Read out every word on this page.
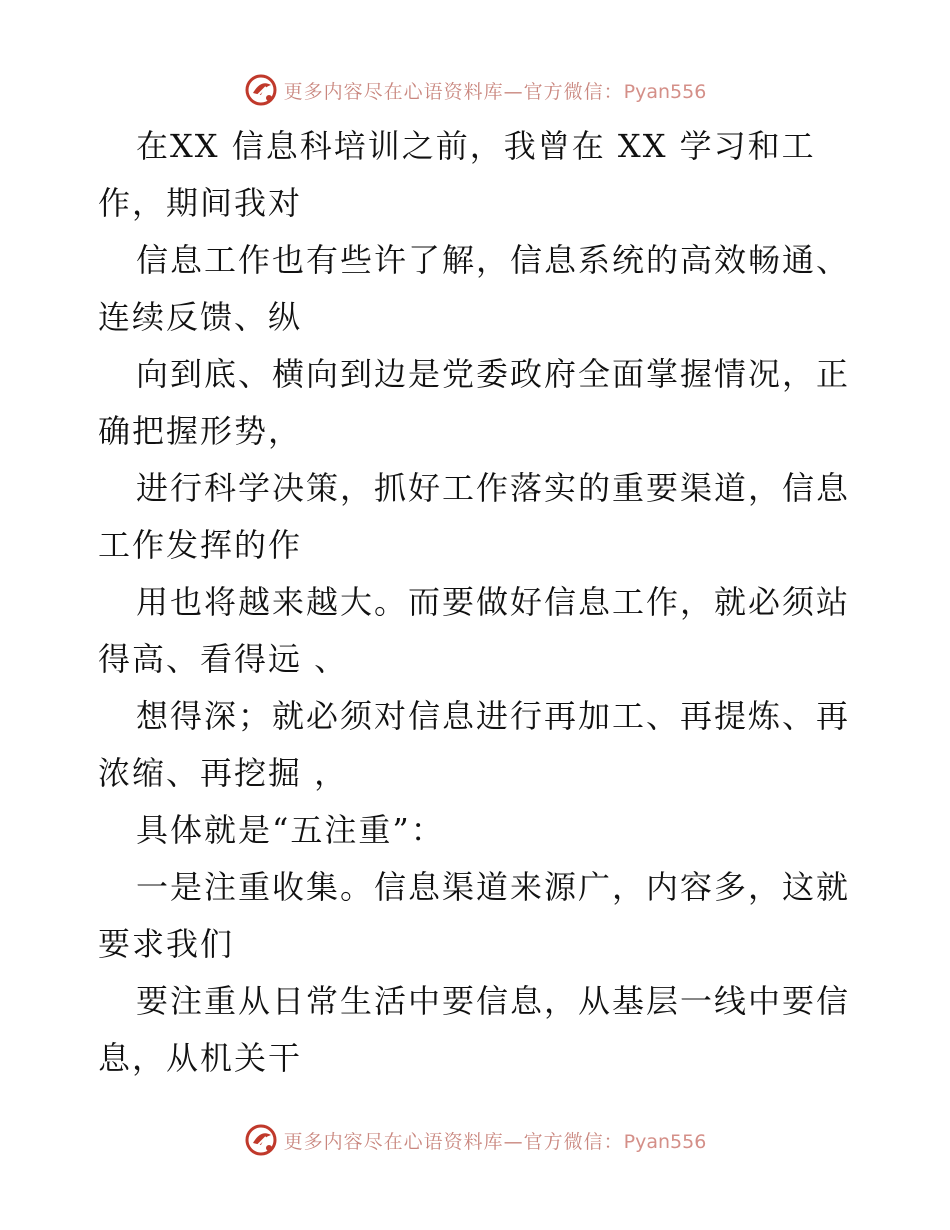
更多内容尽在心语资料库—官方微信：Pyan556

在XX 信息科培训之前，我曾在 XX 学习和工作，期间我对

信息工作也有些许了解，信息系统的高效畅通、连续反馈、纵

向到底、横向到边是党委政府全面掌握情况，正确把握形势，

进行科学决策，抓好工作落实的重要渠道，信息工作发挥的作

用也将越来越大。而要做好信息工作，就必须站得高、看得远 、

想得深；就必须对信息进行再加工、再提炼、再浓缩、再挖掘 ，

具体就是“五注重”：

一是注重收集。信息渠道来源广，内容多，这就要求我们

要注重从日常生活中要信息，从基层一线中要信息，从机关干

更多内容尽在心语资料库—官方微信：Pyan556
